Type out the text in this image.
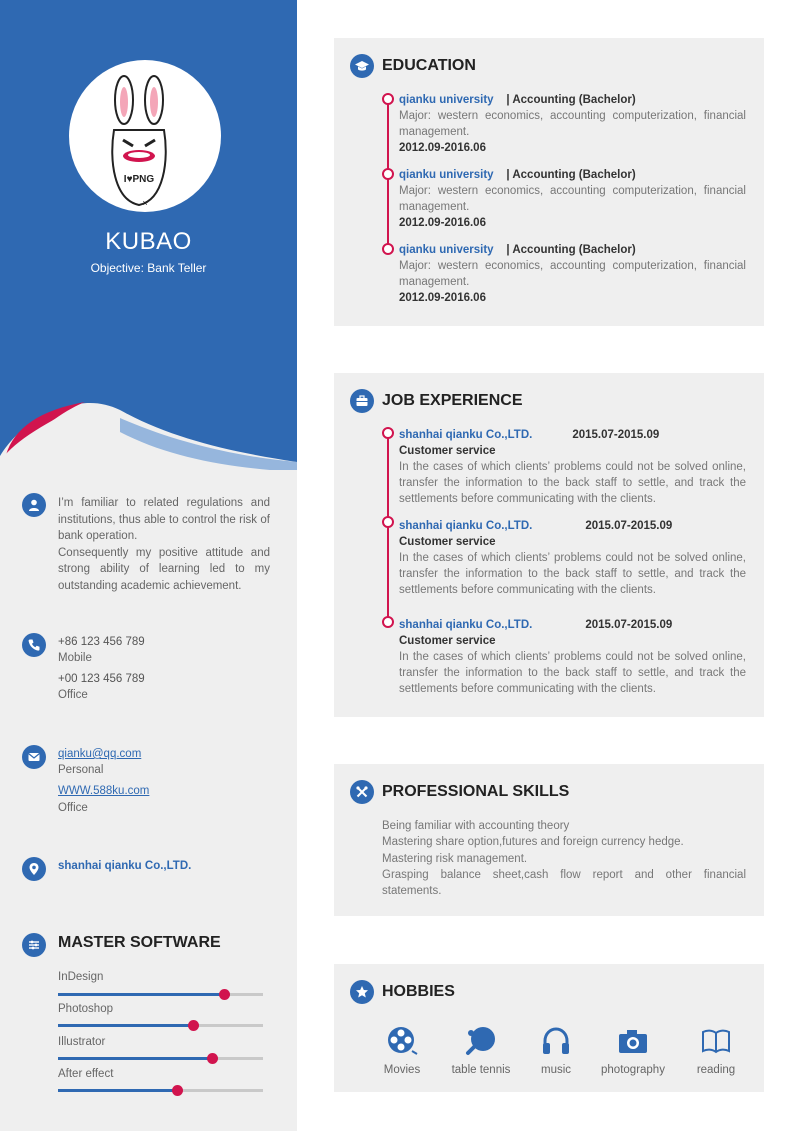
I♥PNG
×
KUBAO
Objective: Bank Teller
I’m familiar to related regulations and institutions, thus able to control the risk of bank operation.
Consequently my positive attitude and strong ability of learning led to my outstanding academic achievement.
+86 123 456 789
Mobile
+00 123 456 789
Office
qianku@qq.com
Personal
WWW.588ku.com
Office
shanhai qianku Co.,LTD.
MASTER SOFTWARE
InDesign
Photoshop
Illustrator
After effect
EDUCATION
qianku university | Accounting (Bachelor)
Major: western economics, accounting computerization, financial management.
2012.09-2016.06
qianku university | Accounting (Bachelor)
Major: western economics, accounting computerization, financial management.
2012.09-2016.06
qianku university | Accounting (Bachelor)
Major: western economics, accounting computerization, financial management.
2012.09-2016.06
JOB EXPERIENCE
shanhai qianku Co.,LTD.	2015.07-2015.09
Customer service
In the cases of which clients’ problems could not be solved online, transfer the information to the back staff to settle, and track the settlements before communicating with the clients.
shanhai qianku Co.,LTD.	2015.07-2015.09
Customer service
In the cases of which clients’ problems could not be solved online, transfer the information to the back staff to settle, and track the settlements before communicating with the clients.
shanhai qianku Co.,LTD.	2015.07-2015.09
Customer service
In the cases of which clients’ problems could not be solved online, transfer the information to the back staff to settle, and track the settlements before communicating with the clients.
PROFESSIONAL SKILLS
Being familiar with accounting theory
Mastering share option,futures and foreign currency hedge.
Mastering risk management.
Grasping balance sheet,cash flow report and other financial statements.
HOBBIES
Movies	table tennis	music	photography	reading
